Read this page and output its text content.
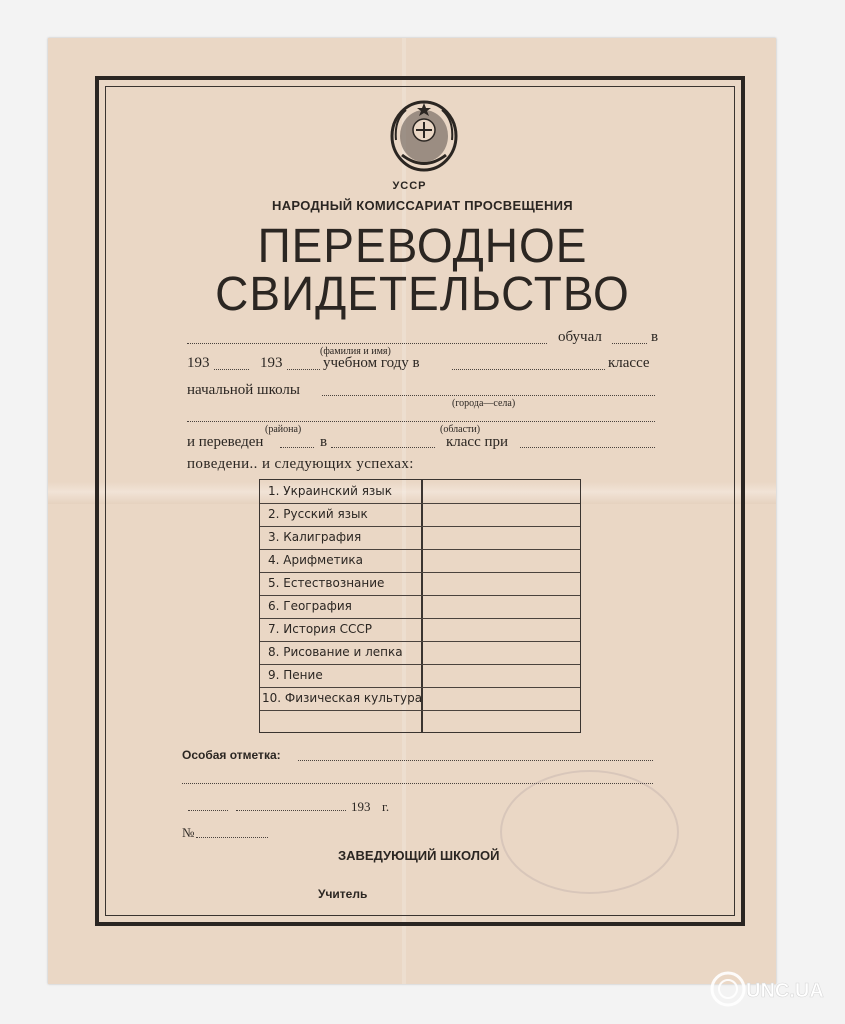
УССР
НАРОДНЫЙ КОМИССАРИАТ ПРОСВЕЩЕНИЯ
ПЕРЕВОДНОЕ
СВИДЕТЕЛЬСТВО
обучал	в
(фамилия и имя)
193	193	учебном году в	классе
начальной школы
(города—села)
(района)	(области)
и переведен	в	класс при
поведени.. и следующих успехах:
1. Украинский язык
2. Русский язык
3. Калиграфия
4. Арифметика
5. Естествознание
6. География
7. История СССР
8. Рисование и лепка
9. Пение
10. Физическая культура
Особая отметка:
193 г.
№
ЗАВЕДУЮЩИЙ ШКОЛОЙ
Учитель
UNC.UA
